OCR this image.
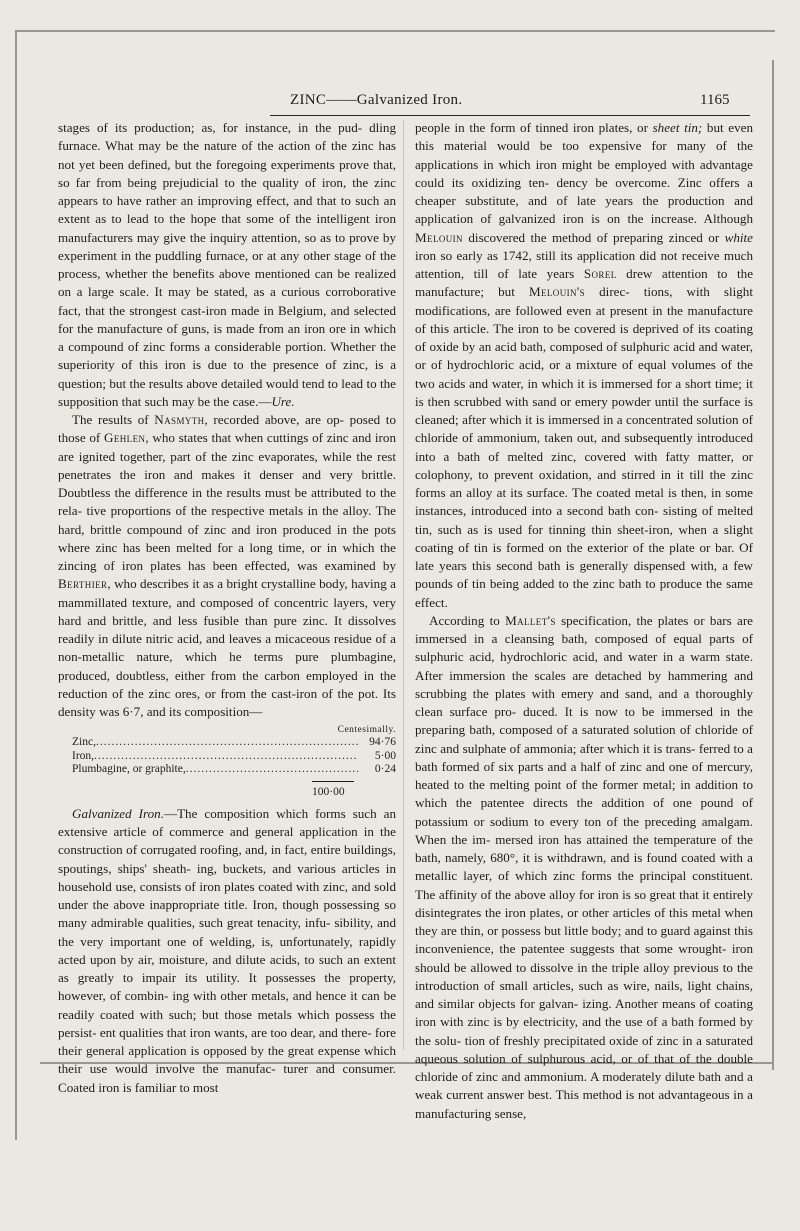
ZINC——Galvanized Iron.	1165

stages of its production; as, for instance, in the pud- dling furnace. What may be the nature of the action of the zinc has not yet been defined, but the foregoing experiments prove that, so far from being prejudicial to the quality of iron, the zinc appears to have rather an improving effect, and that to such an extent as to lead to the hope that some of the intelligent iron manufacturers may give the inquiry attention, so as to prove by experiment in the puddling furnace, or at any other stage of the process, whether the benefits above mentioned can be realized on a large scale. It may be stated, as a curious corroborative fact, that the strongest cast-iron made in Belgium, and selected for the manufacture of guns, is made from an iron ore in which a compound of zinc forms a considerable portion. Whether the superiority of this iron is due to the presence of zinc, is a question; but the results above detailed would tend to lead to the supposition that such may be the case.—Ure.

The results of Nasmyth, recorded above, are op- posed to those of Gehlen, who states that when cuttings of zinc and iron are ignited together, part of the zinc evaporates, while the rest penetrates the iron and makes it denser and very brittle. Doubtless the difference in the results must be attributed to the rela- tive proportions of the respective metals in the alloy. The hard, brittle compound of zinc and iron produced in the pots where zinc has been melted for a long time, or in which the zincing of iron plates has been effected, was examined by Berthier, who describes it as a bright crystalline body, having a mammillated texture, and composed of concentric layers, very hard and brittle, and less fusible than pure zinc. It dissolves readily in dilute nitric acid, and leaves a micaceous residue of a non-metallic nature, which he terms pure plumbagine, produced, doubtless, either from the carbon employed in the reduction of the zinc ores, or from the cast-iron of the pot. Its density was 6·7, and its composition—

Centesimally.
Zinc, .....	94·76
Iron, .....	5·00
Plumbagine, or graphite, .....	0·24
100·00

Galvanized Iron.—The composition which forms such an extensive article of commerce and general application in the construction of corrugated roofing, and, in fact, entire buildings, spoutings, ships' sheath- ing, buckets, and various articles in household use, consists of iron plates coated with zinc, and sold under the above inappropriate title. Iron, though possessing so many admirable qualities, such great tenacity, infu- sibility, and the very important one of welding, is, unfortunately, rapidly acted upon by air, moisture, and dilute acids, to such an extent as greatly to impair its utility. It possesses the property, however, of combin- ing with other metals, and hence it can be readily coated with such; but those metals which possess the persist- ent qualities that iron wants, are too dear, and there- fore their general application is opposed by the great expense which their use would involve the manufac- turer and consumer. Coated iron is familiar to most

people in the form of tinned iron plates, or sheet tin; but even this material would be too expensive for many of the applications in which iron might be employed with advantage could its oxidizing ten- dency be overcome. Zinc offers a cheaper substitute, and of late years the production and application of galvanized iron is on the increase. Although Melouin discovered the method of preparing zinced or white iron so early as 1742, still its application did not receive much attention, till of late years Sorel drew attention to the manufacture; but Melouin's direc- tions, with slight modifications, are followed even at present in the manufacture of this article. The iron to be covered is deprived of its coating of oxide by an acid bath, composed of sulphuric acid and water, or of hydrochloric acid, or a mixture of equal volumes of the two acids and water, in which it is immersed for a short time; it is then scrubbed with sand or emery powder until the surface is cleaned; after which it is immersed in a concentrated solution of chloride of ammonium, taken out, and subsequently introduced into a bath of melted zinc, covered with fatty matter, or colophony, to prevent oxidation, and stirred in it till the zinc forms an alloy at its surface. The coated metal is then, in some instances, introduced into a second bath con- sisting of melted tin, such as is used for tinning thin sheet-iron, when a slight coating of tin is formed on the exterior of the plate or bar. Of late years this second bath is generally dispensed with, a few pounds of tin being added to the zinc bath to produce the same effect.

According to Mallet's specification, the plates or bars are immersed in a cleansing bath, composed of equal parts of sulphuric acid, hydrochloric acid, and water in a warm state. After immersion the scales are detached by hammering and scrubbing the plates with emery and sand, and a thoroughly clean surface pro- duced. It is now to be immersed in the preparing bath, composed of a saturated solution of chloride of zinc and sulphate of ammonia; after which it is trans- ferred to a bath formed of six parts and a half of zinc and one of mercury, heated to the melting point of the former metal; in addition to which the patentee directs the addition of one pound of potassium or sodium to every ton of the preceding amalgam. When the im- mersed iron has attained the temperature of the bath, namely, 680°, it is withdrawn, and is found coated with a metallic layer, of which zinc forms the principal constituent. The affinity of the above alloy for iron is so great that it entirely disintegrates the iron plates, or other articles of this metal when they are thin, or possess but little body; and to guard against this inconvenience, the patentee suggests that some wrought- iron should be allowed to dissolve in the triple alloy previous to the introduction of small articles, such as wire, nails, light chains, and similar objects for galvan- izing. Another means of coating iron with zinc is by electricity, and the use of a bath formed by the solu- tion of freshly precipitated oxide of zinc in a saturated aqueous solution of sulphurous acid, or of that of the double chloride of zinc and ammonium. A moderately dilute bath and a weak current answer best. This method is not advantageous in a manufacturing sense,
